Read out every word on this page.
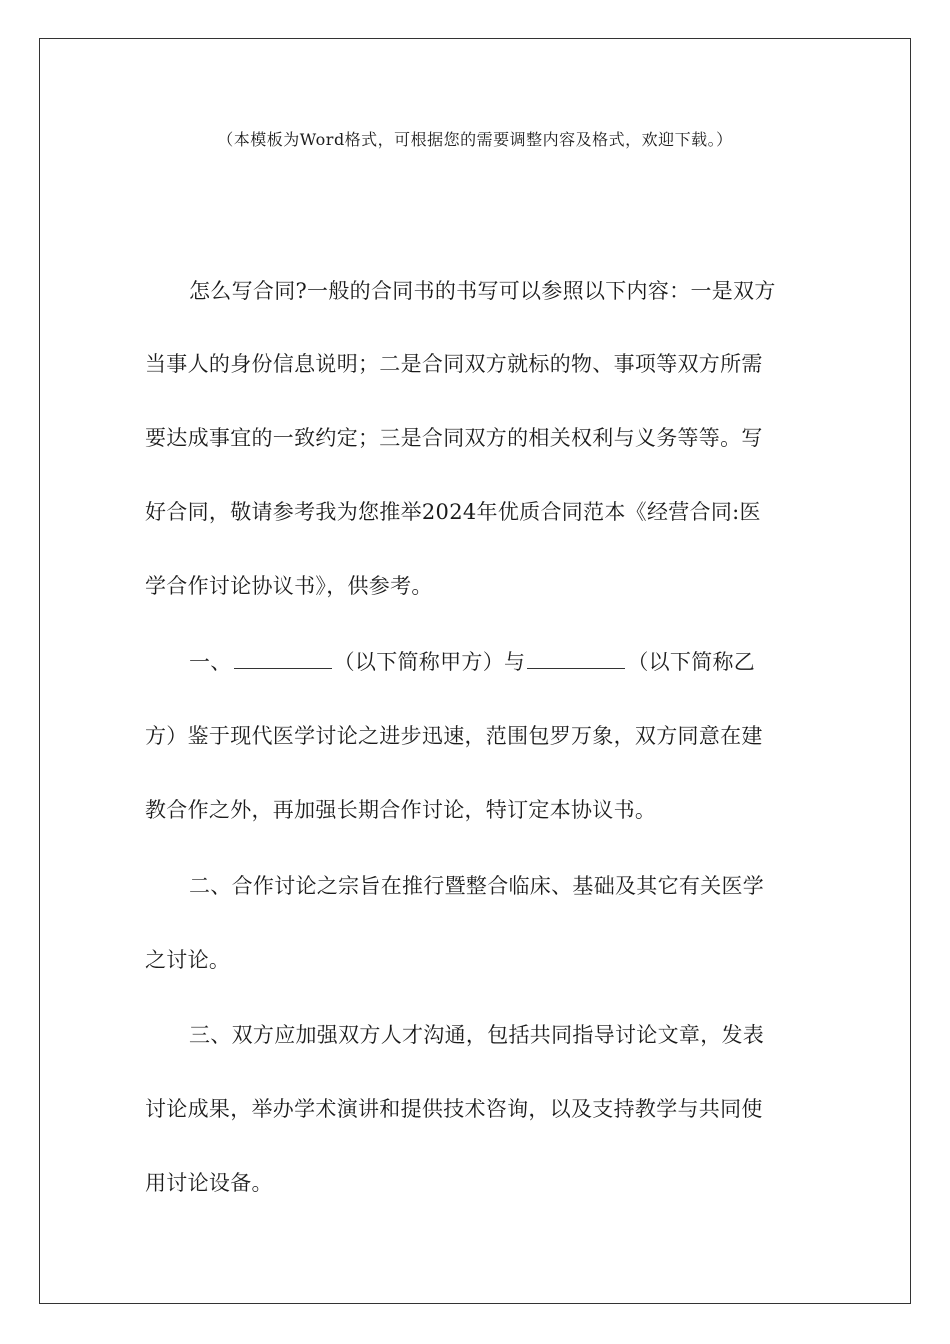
（本模板为Word格式，可根据您的需要调整内容及格式，欢迎下载。）
怎么写合同?一般的合同书的书写可以参照以下内容：一是双方
当事人的身份信息说明；二是合同双方就标的物、事项等双方所需
要达成事宜的一致约定；三是合同双方的相关权利与义务等等。写
好合同，敬请参考我为您推举2024年优质合同范本《经营合同:医
学合作讨论协议书》，供参考。
一、	（以下简称甲方）与	（以下简称乙
方）鉴于现代医学讨论之进步迅速，范围包罗万象，双方同意在建
教合作之外，再加强长期合作讨论，特订定本协议书。
二、合作讨论之宗旨在推行暨整合临床、基础及其它有关医学
之讨论。
三、双方应加强双方人才沟通，包括共同指导讨论文章，发表
讨论成果，举办学术演讲和提供技术咨询，以及支持教学与共同使
用讨论设备。
